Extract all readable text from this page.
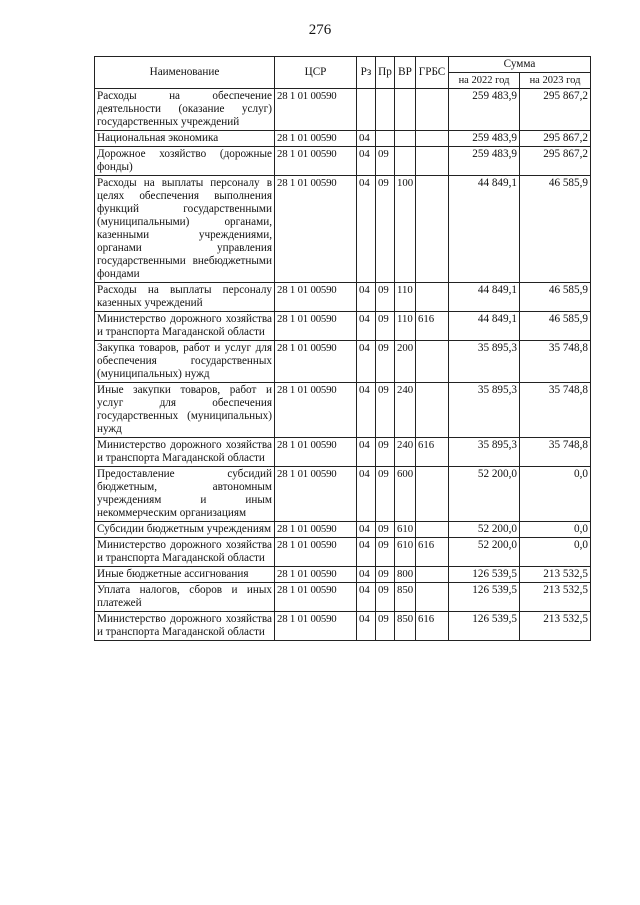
276
Наименование	ЦСР	Рз	Пр	ВР	ГРБС	Сумма	
						на 2022 год	на 2023 год
Расходы на обеспечение деятельности (оказание услуг) государственных учреждений	28 1 01 00590					259 483,9	295 867,2
Национальная экономика	28 1 01 00590	04				259 483,9	295 867,2
Дорожное хозяйство (дорожные фонды)	28 1 01 00590	04	09			259 483,9	295 867,2
Расходы на выплаты персоналу в целях обеспечения выполнения функций государственными (муниципальными) органами, казенными учреждениями, органами управления государственными внебюджетными фондами	28 1 01 00590	04	09	100		44 849,1	46 585,9
Расходы на выплаты персоналу казенных учреждений	28 1 01 00590	04	09	110		44 849,1	46 585,9
Министерство дорожного хозяйства и транспорта Магаданской области	28 1 01 00590	04	09	110	616	44 849,1	46 585,9
Закупка товаров, работ и услуг для обеспечения государственных (муниципальных) нужд	28 1 01 00590	04	09	200		35 895,3	35 748,8
Иные закупки товаров, работ и услуг для обеспечения государственных (муниципальных) нужд	28 1 01 00590	04	09	240		35 895,3	35 748,8
Министерство дорожного хозяйства и транспорта Магаданской области	28 1 01 00590	04	09	240	616	35 895,3	35 748,8
Предоставление субсидий бюджетным, автономным учреждениям и иным некоммерческим организациям	28 1 01 00590	04	09	600		52 200,0	0,0
Субсидии бюджетным учреждениям	28 1 01 00590	04	09	610		52 200,0	0,0
Министерство дорожного хозяйства и транспорта Магаданской области	28 1 01 00590	04	09	610	616	52 200,0	0,0
Иные бюджетные ассигнования	28 1 01 00590	04	09	800		126 539,5	213 532,5
Уплата налогов, сборов и иных платежей	28 1 01 00590	04	09	850		126 539,5	213 532,5
Министерство дорожного хозяйства и транспорта Магаданской области	28 1 01 00590	04	09	850	616	126 539,5	213 532,5
